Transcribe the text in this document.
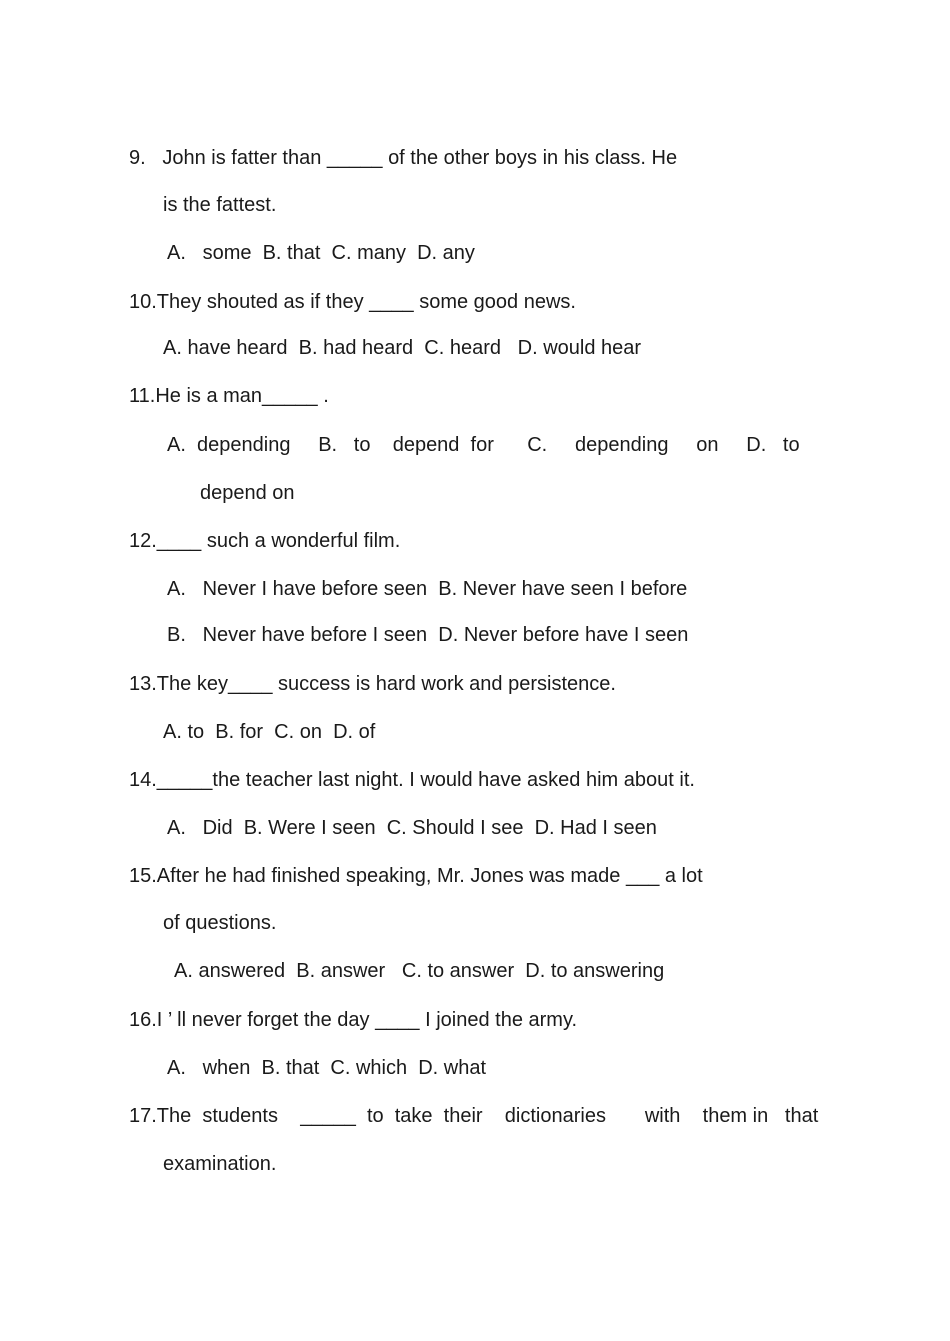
9.   John is fatter than _____ of the other boys in his class. He
is the fattest.
A.   some  B. that  C. many  D. any
10.They shouted as if they ____ some good news.
A. have heard  B. had heard  C. heard   D. would hear
11.He is a man_____ .
A.  depending     B.   to    depend  for      C.     depending     on     D.   to
depend on
12.____ such a wonderful film.
A.   Never I have before seen  B. Never have seen I before
B.   Never have before I seen  D. Never before have I seen
13.The key____ success is hard work and persistence.
A. to  B. for  C. on  D. of
14._____the teacher last night. I would have asked him about it.
A.   Did  B. Were I seen  C. Should I see  D. Had I seen
15.After he had finished speaking, Mr. Jones was made ___ a lot
of questions.
A. answered  B. answer   C. to answer  D. to answering
16.I ’ ll never forget the day ____ I joined the army.
A.   when  B. that  C. which  D. what
17.The  students    _____  to  take  their    dictionaries       with    them in   that
examination.
